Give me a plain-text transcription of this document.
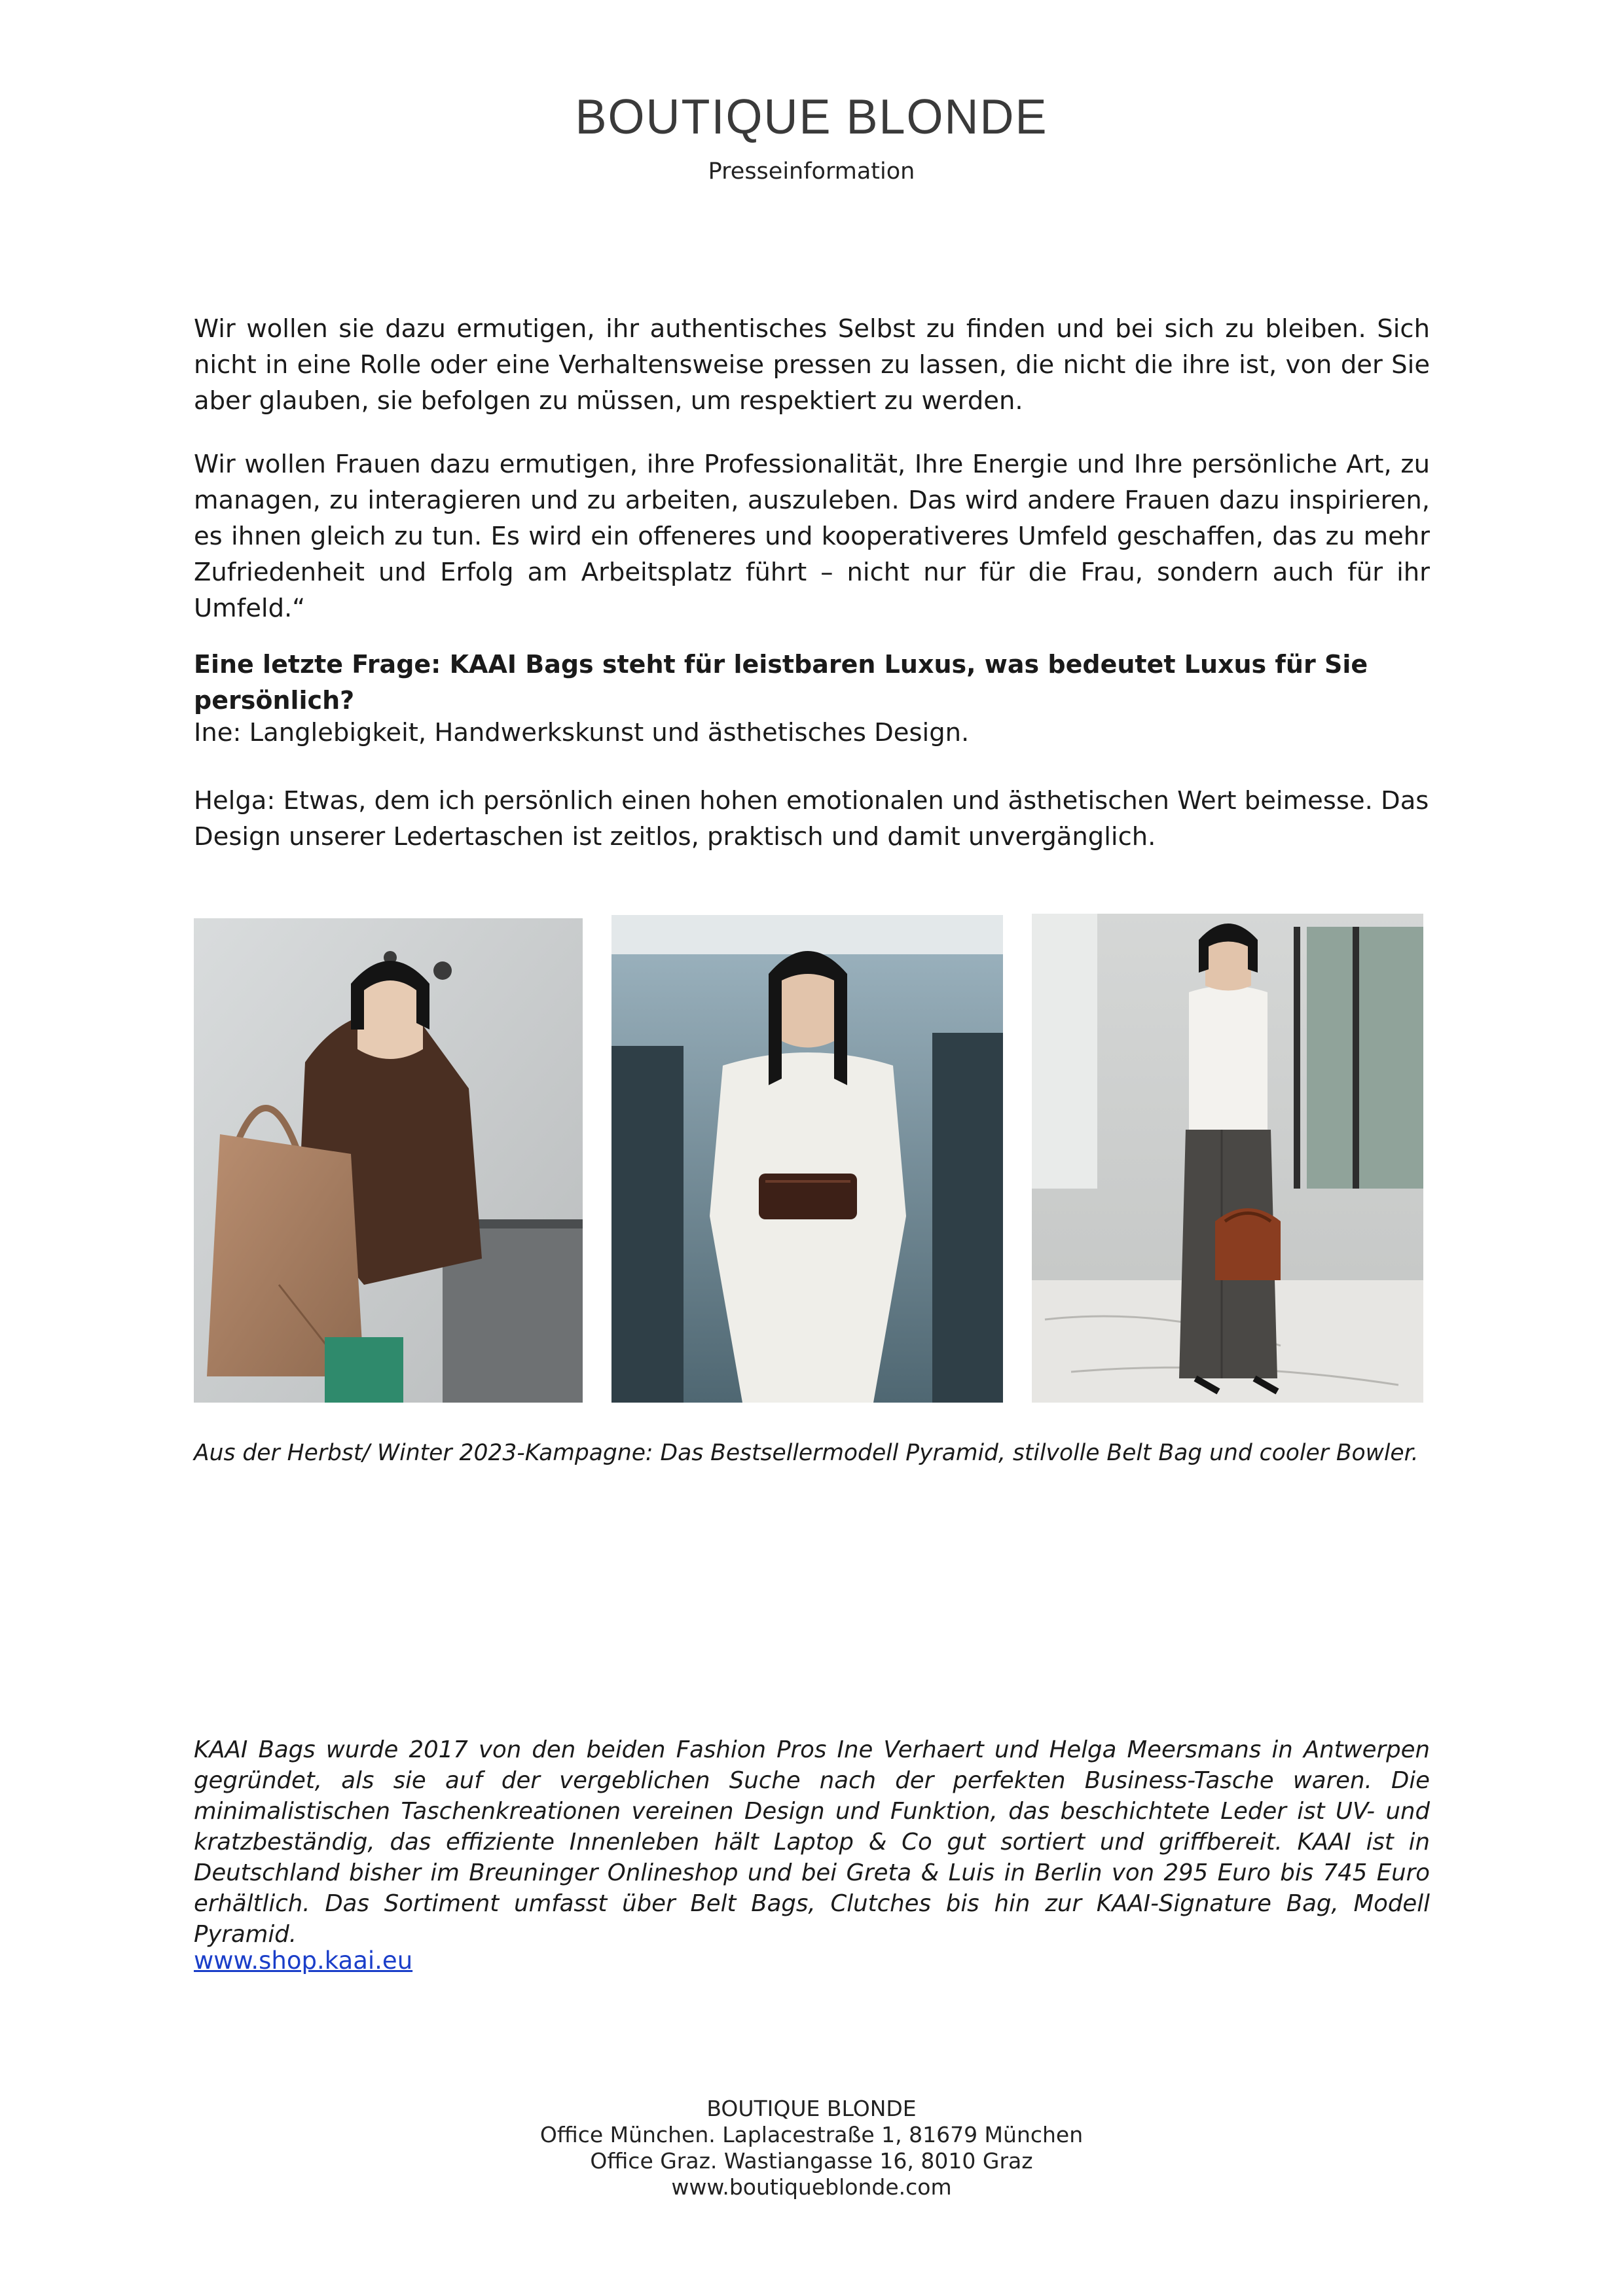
BOUTIQUE BLONDE
Presseinformation

Wir wollen sie dazu ermutigen, ihr authentisches Selbst zu finden und bei sich zu bleiben. Sich nicht in eine Rolle oder eine Verhaltensweise pressen zu lassen, die nicht die ihre ist, von der Sie aber glauben, sie befolgen zu müssen, um respektiert zu werden.

Wir wollen Frauen dazu ermutigen, ihre Professionalität, Ihre Energie und Ihre persönliche Art, zu managen, zu interagieren und zu arbeiten, auszuleben. Das wird andere Frauen dazu inspirieren, es ihnen gleich zu tun. Es wird ein offeneres und kooperativeres Umfeld geschaffen, das zu mehr Zufriedenheit und Erfolg am Arbeitsplatz führt – nicht nur für die Frau, sondern auch für ihr Umfeld.“

Eine letzte Frage: KAAI Bags steht für leistbaren Luxus, was bedeutet Luxus für Sie persönlich?

Ine: Langlebigkeit, Handwerkskunst und ästhetisches Design.

Helga: Etwas, dem ich persönlich einen hohen emotionalen und ästhetischen Wert beimesse. Das Design unserer Ledertaschen ist zeitlos, praktisch und damit unvergänglich.

Aus der Herbst/ Winter 2023-Kampagne: Das Bestsellermodell Pyramid, stilvolle Belt Bag und cooler Bowler.

KAAI Bags wurde 2017 von den beiden Fashion Pros Ine Verhaert und Helga Meersmans in Antwerpen gegründet, als sie auf der vergeblichen Suche nach der perfekten Business-Tasche waren. Die minimalistischen Taschenkreationen vereinen Design und Funktion, das beschichtete Leder ist UV- und kratzbeständig, das effiziente Innenleben hält Laptop & Co gut sortiert und griffbereit. KAAI ist in Deutschland bisher im Breuninger Onlineshop und bei Greta & Luis in Berlin von 295 Euro bis 745 Euro erhältlich. Das Sortiment umfasst über Belt Bags, Clutches bis hin zur KAAI-Signature Bag, Modell Pyramid.

www.shop.kaai.eu
BOUTIQUE BLONDE
Office München. Laplacestraße 1, 81679 München
Office Graz. Wastiangasse 16, 8010 Graz
www.boutiqueblonde.com
